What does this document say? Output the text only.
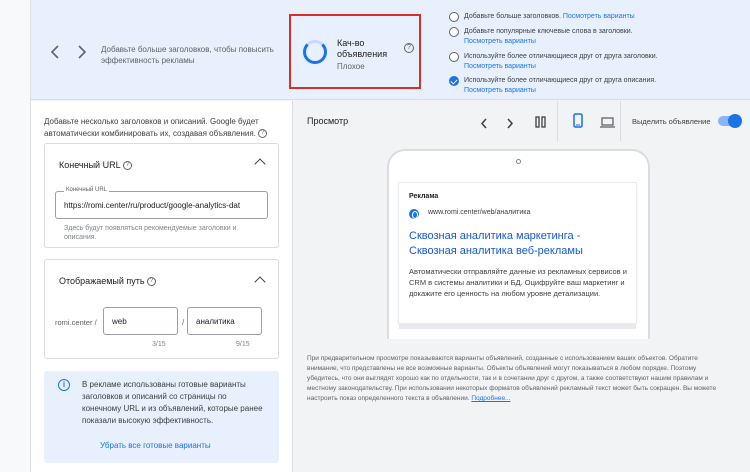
Добавьте больше заголовков, чтобы повысить эффективность рекламы
Кач-во объявления
Плохое
?
Добавьте больше заголовков. Посмотреть варианты
Добавьте популярные ключевые слова в заголовки.
Посмотреть варианты
Используйте более отличающиеся друг от друга заголовки.
Посмотреть варианты
Используйте более отличающиеся друг от друга описания.
Посмотреть варианты
Добавьте несколько заголовков и описаний. Google будет автоматически комбинировать их, создавая объявления. ?
Конечный URL ?
Конечный URL
https://romi.center/ru/product/google-analytics-dat
Здесь будут появляться рекомендуемые заголовки и описания.
Отображаемый путь ?
romi.center / web
3/15
/ аналитика
9/15
i	В рекламе использованы готовые варианты заголовков и описаний со страницы по конечному URL и из объявлений, которые ранее показали высокую эффективность.
Убрать все готовые варианты
Просмотр	Выделить объявление
Реклама
www.romi.center/web/аналитика
Сквозная аналитика маркетинга - Сквозная аналитика веб-рекламы
Автоматически отправляйте данные из рекламных сервисов и CRM в системы аналитики и БД. Оцифруйте ваш маркетинг и докажите его ценность на любом уровне детализации.
При предварительном просмотре показываются варианты объявлений, созданные с использованием ваших объектов. Обратите внимание, что представлены не все возможные варианты. Объекты объявлений могут показываться в любом порядке. Поэтому убедитесь, что они выглядят хорошо как по отдельности, так и в сочетании друг с другом, а также соответствуют нашим правилам и местному законодательству. При использовании некоторых форматов объявлений рекламный текст может быть сокращен. Вы можете настроить показ определенного текста в объявлении. Подробнее...
